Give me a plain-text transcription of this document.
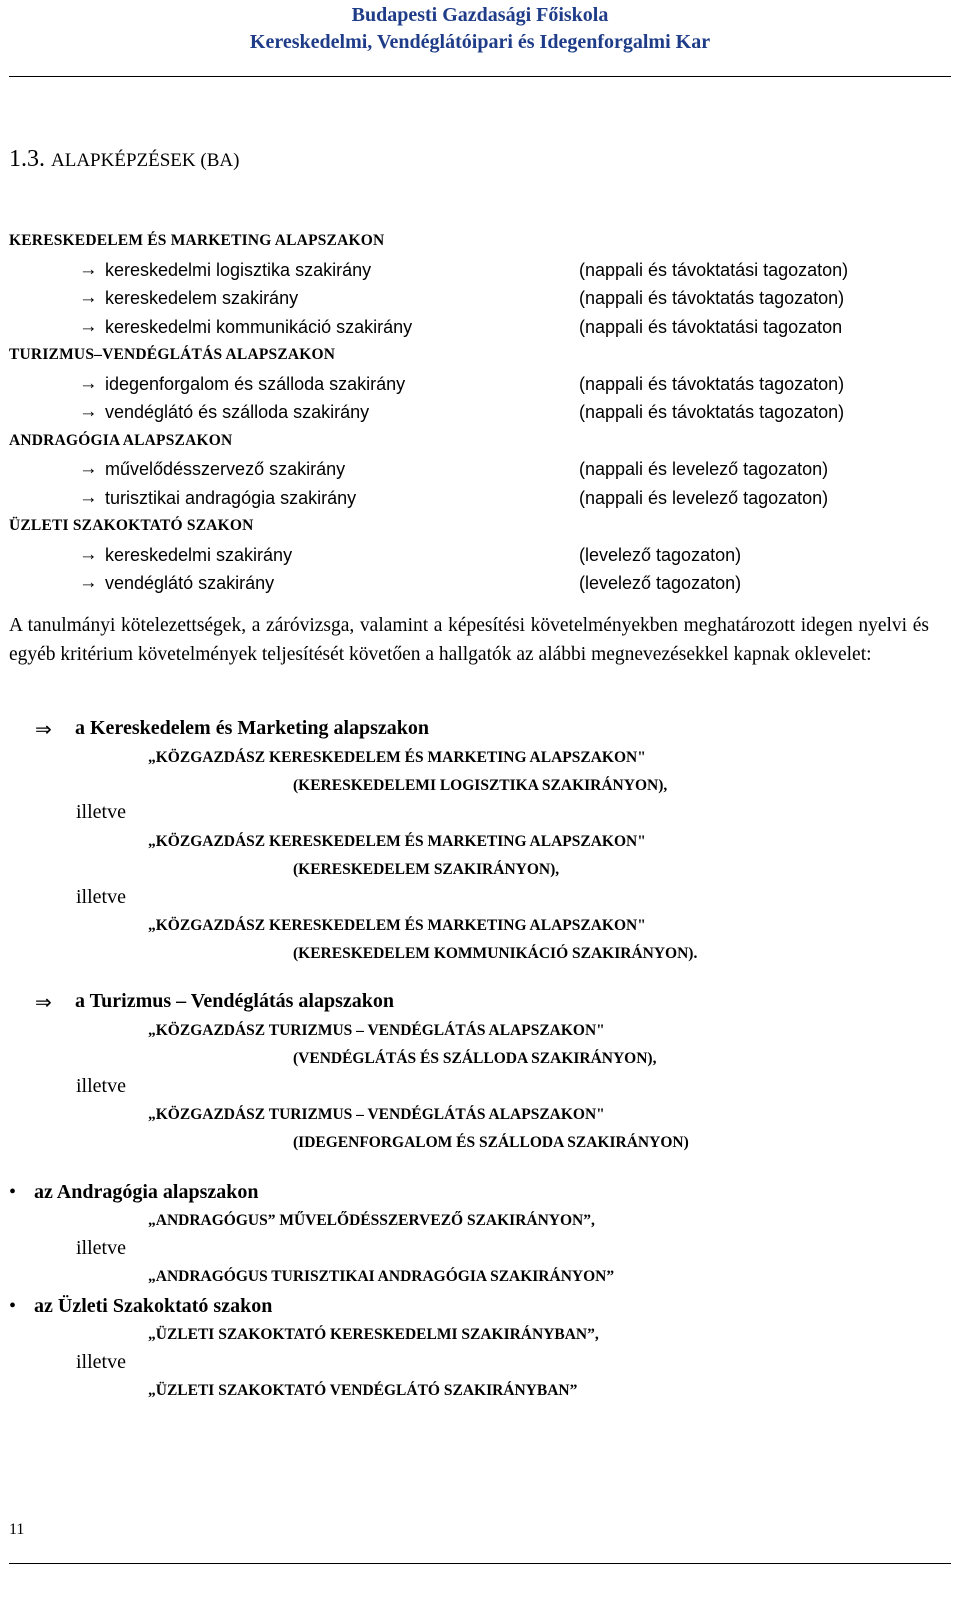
Budapesti Gazdasági Főiskola
Kereskedelmi, Vendéglátóipari és Idegenforgalmi Kar
1.3. ALAPKÉPZÉSEK (BA)
KERESKEDELEM ÉS MARKETING ALAPSZAKON
→ kereskedelmi logisztika szakirány	(nappali és távoktatási tagozaton)
→ kereskedelem szakirány	(nappali és távoktatás tagozaton)
→ kereskedelmi kommunikáció szakirány	(nappali és távoktatási tagozaton
TURIZMUS–VENDÉGLÁTÁS ALAPSZAKON
→ idegenforgalom és szálloda szakirány	(nappali és távoktatás tagozaton)
→ vendéglátó és szálloda szakirány	(nappali és távoktatás tagozaton)
ANDRAGÓGIA ALAPSZAKON
→ művelődésszervező szakirány	(nappali és levelező tagozaton)
→ turisztikai andragógia szakirány	(nappali és levelező tagozaton)
ÜZLETI SZAKOKTATÓ SZAKON
→ kereskedelmi szakirány	(levelező tagozaton)
→ vendéglátó szakirány	(levelező tagozaton)
A tanulmányi kötelezettségek, a záróvizsga, valamint a képesítési követelményekben meghatározott idegen nyelvi és egyéb kritérium követelmények teljesítését követően a hallgatók az alábbi megnevezésekkel kapnak oklevelet:
⇒ a Kereskedelem és Marketing alapszakon
„KÖZGAZDÁSZ KERESKEDELEM ÉS MARKETING ALAPSZAKON"
(KERESKEDELEMI LOGISZTIKA SZAKIRÁNYON),
illetve
„KÖZGAZDÁSZ KERESKEDELEM ÉS MARKETING ALAPSZAKON"
(KERESKEDELEM SZAKIRÁNYON),
illetve
„KÖZGAZDÁSZ KERESKEDELEM ÉS MARKETING ALAPSZAKON"
(KERESKEDELEM KOMMUNIKÁCIÓ SZAKIRÁNYON).
⇒ a Turizmus – Vendéglátás alapszakon
„KÖZGAZDÁSZ TURIZMUS – VENDÉGLÁTÁS ALAPSZAKON"
(VENDÉGLÁTÁS ÉS SZÁLLODA SZAKIRÁNYON),
illetve
„KÖZGAZDÁSZ TURIZMUS – VENDÉGLÁTÁS ALAPSZAKON"
(IDEGENFORGALOM ÉS SZÁLLODA SZAKIRÁNYON)
• az Andragógia alapszakon
„ANDRAGÓGUS” MŰVELŐDÉSSZERVEZŐ SZAKIRÁNYON”,
illetve
„ANDRAGÓGUS TURISZTIKAI ANDRAGÓGIA SZAKIRÁNYON”
• az Üzleti Szakoktató szakon
„ÜZLETI SZAKOKTATÓ KERESKEDELMI SZAKIRÁNYBAN”,
illetve
„ÜZLETI SZAKOKTATÓ VENDÉGLÁTÓ SZAKIRÁNYBAN”
11
